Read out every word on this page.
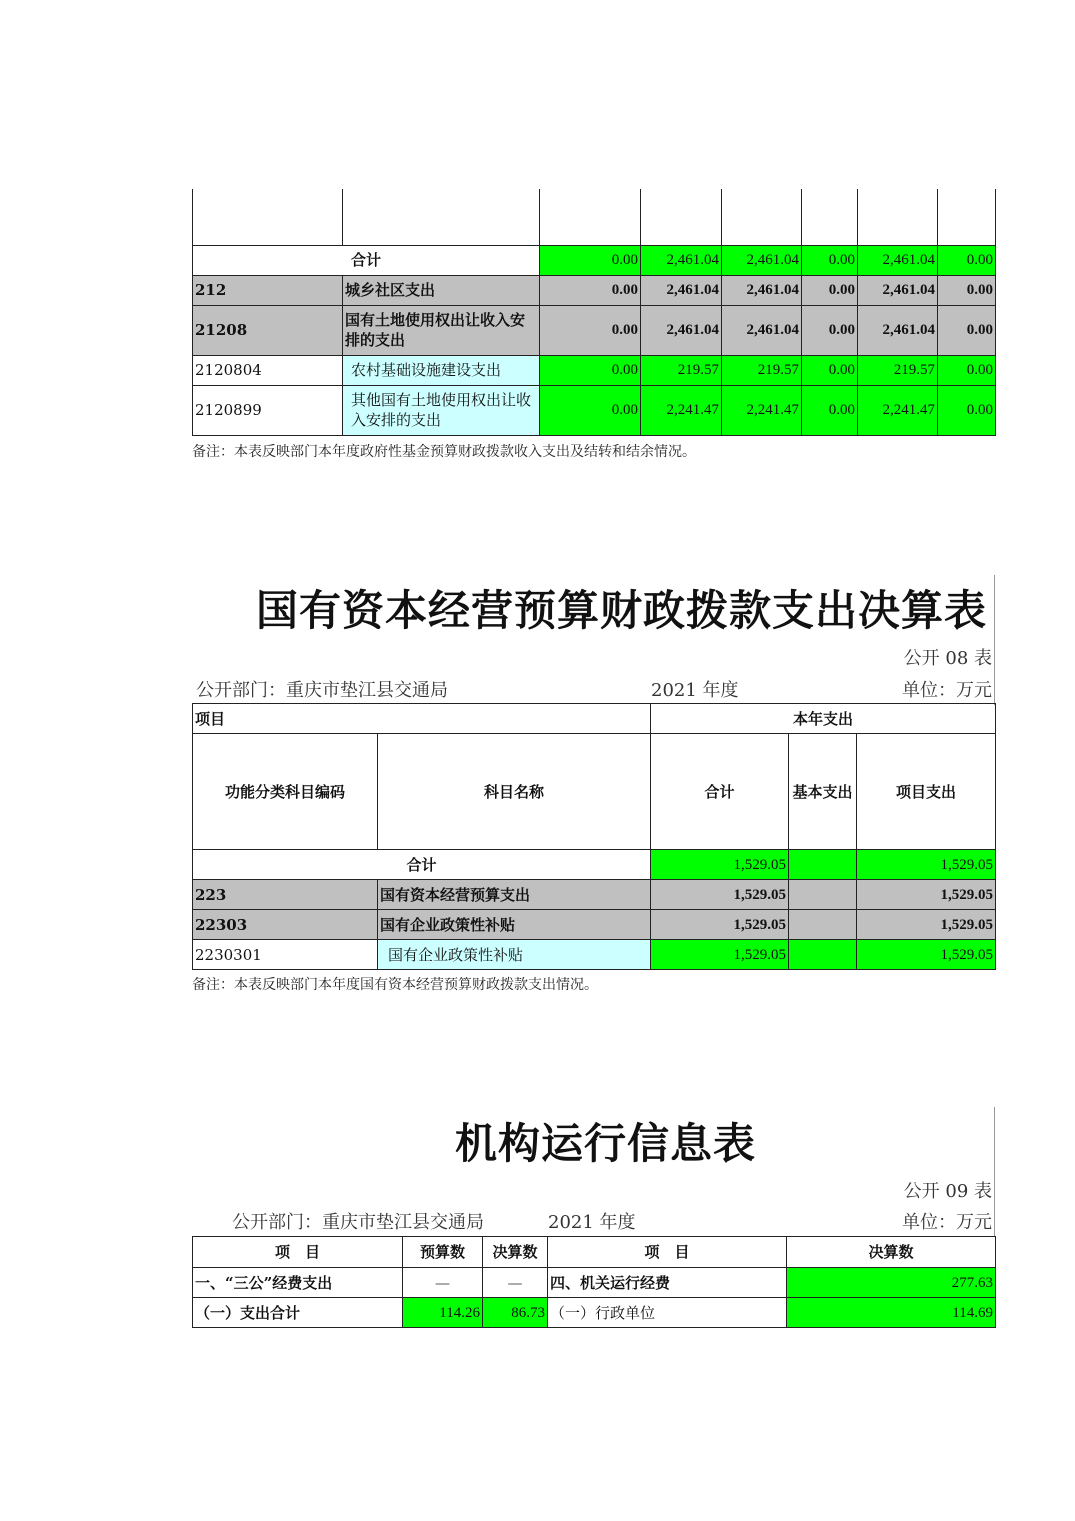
合计		0.00	2,461.04	2,461.04	0.00	2,461.04	0.00
212	城乡社区支出	0.00	2,461.04	2,461.04	0.00	2,461.04	0.00
21208	国有土地使用权出让收入安排的支出	0.00	2,461.04	2,461.04	0.00	2,461.04	0.00
2120804	农村基础设施建设支出	0.00	219.57	219.57	0.00	219.57	0.00
2120899	其他国有土地使用权出让收入安排的支出	0.00	2,241.47	2,241.47	0.00	2,241.47	0.00
备注：本表反映部门本年度政府性基金预算财政拨款收入支出及结转和结余情况。
国有资本经营预算财政拨款支出决算表
公开 08 表
公开部门：重庆市垫江县交通局	2021 年度	单位：万元
项目		本年支出		
功能分类科目编码	科目名称	合计	基本支出	项目支出
合计		1,529.05		1,529.05
223	国有资本经营预算支出	1,529.05		1,529.05
22303	国有企业政策性补贴	1,529.05		1,529.05
2230301	国有企业政策性补贴	1,529.05		1,529.05
备注：本表反映部门本年度国有资本经营预算财政拨款支出情况。
机构运行信息表
公开 09 表
公开部门：重庆市垫江县交通局	2021 年度	单位：万元
项　目	预算数	决算数	项　目	决算数
一、“三公”经费支出	—	—	四、机关运行经费	277.63
（一）支出合计	114.26	86.73	（一）行政单位	114.69
